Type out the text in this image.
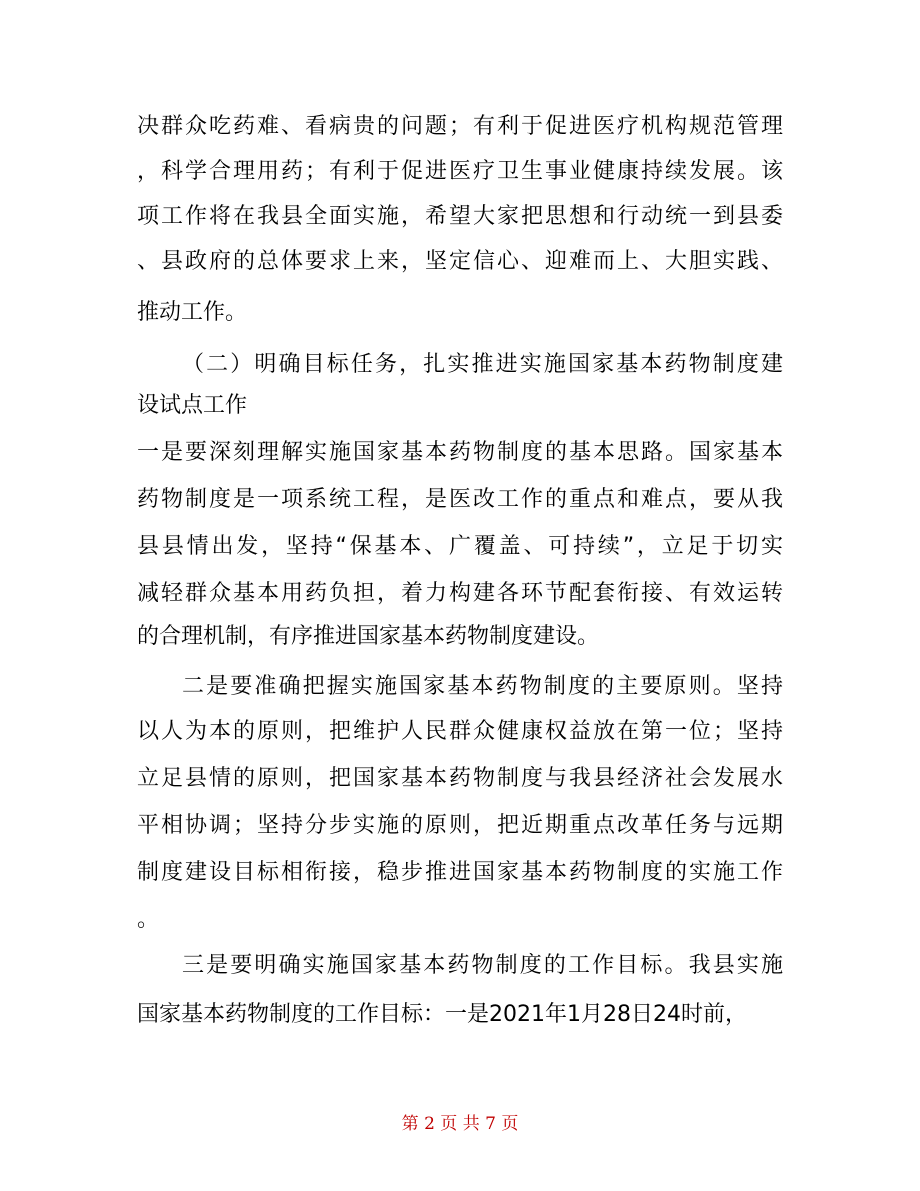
决群众吃药难、看病贵的问题；有利于促进医疗机构规范管理
，科学合理用药；有利于促进医疗卫生事业健康持续发展。该
项工作将在我县全面实施，希望大家把思想和行动统一到县委
、县政府的总体要求上来，坚定信心、迎难而上、大胆实践、
推动工作。
（二）明确目标任务，扎实推进实施国家基本药物制度建
设试点工作
一是要深刻理解实施国家基本药物制度的基本思路。国家基本
药物制度是一项系统工程，是医改工作的重点和难点，要从我
县县情出发，坚持“保基本、广覆盖、可持续”，立足于切实
减轻群众基本用药负担，着力构建各环节配套衔接、有效运转
的合理机制，有序推进国家基本药物制度建设。
二是要准确把握实施国家基本药物制度的主要原则。坚持
以人为本的原则，把维护人民群众健康权益放在第一位；坚持
立足县情的原则，把国家基本药物制度与我县经济社会发展水
平相协调；坚持分步实施的原则，把近期重点改革任务与远期
制度建设目标相衔接，稳步推进国家基本药物制度的实施工作
。
三是要明确实施国家基本药物制度的工作目标。我县实施
国家基本药物制度的工作目标：一是2021年1月28日24时前，
第 2 页 共 7 页
